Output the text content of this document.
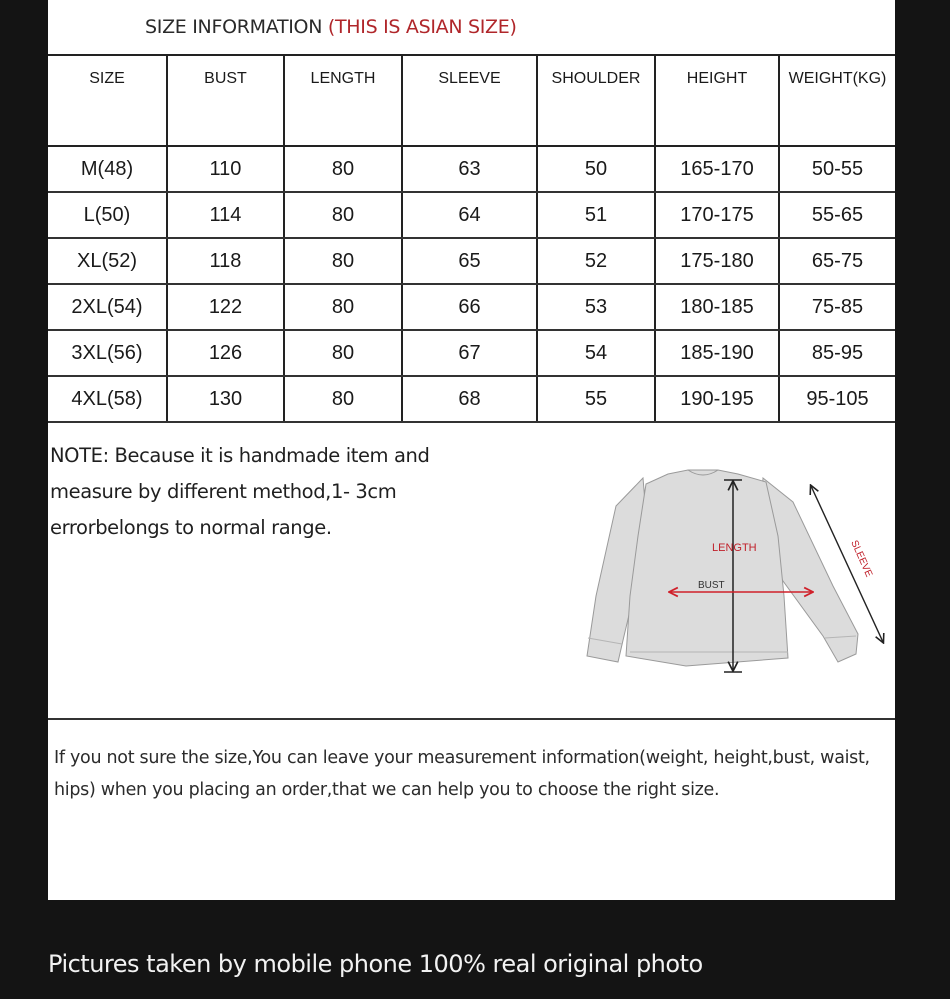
SIZE INFORMATION (THIS IS ASIAN SIZE)
SIZE	BUST	LENGTH	SLEEVE	SHOULDER	HEIGHT	WEIGHT(KG)
M(48)	110	80	63	50	165-170	50-55
L(50)	114	80	64	51	170-175	55-65
XL(52)	118	80	65	52	175-180	65-75
2XL(54)	122	80	66	53	180-185	75-85
3XL(56)	126	80	67	54	185-190	85-95
4XL(58)	130	80	68	55	190-195	95-105
NOTE: Because it is handmade item and
measure by different method,1- 3cm
errorbelongs to normal range.
LENGTH
BUST
SLEEVE
If you not sure the size,You can leave your measurement information(weight, height,bust, waist, hips) when you placing an order,that we can help you to choose the right size.
Pictures taken by mobile phone 100% real original photo
